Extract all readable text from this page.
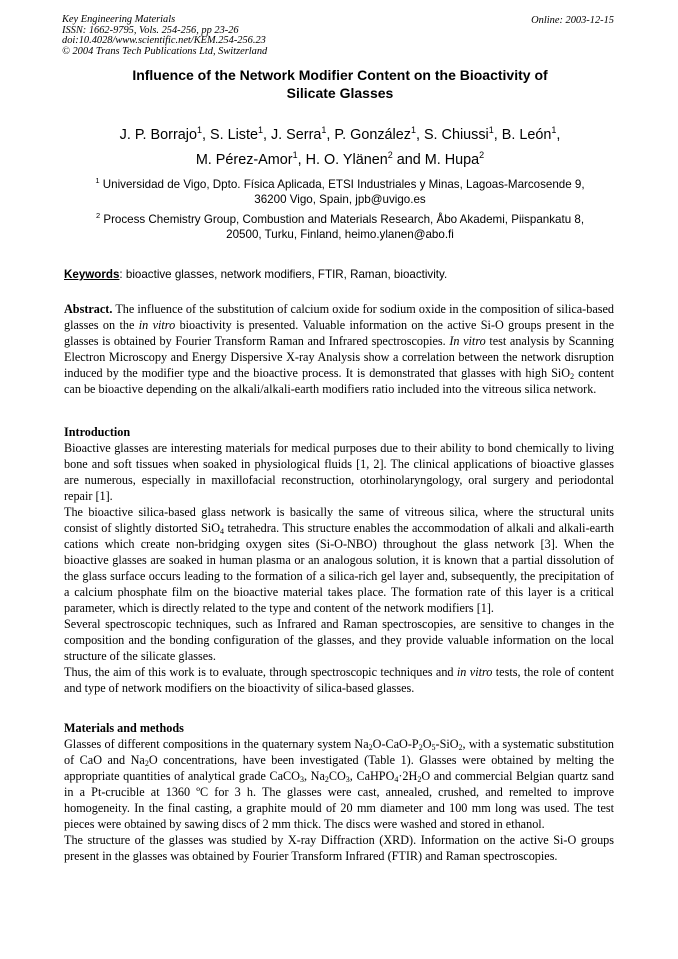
Key Engineering Materials
ISSN: 1662-9795, Vols. 254-256, pp 23-26
doi:10.4028/www.scientific.net/KEM.254-256.23
© 2004 Trans Tech Publications Ltd, Switzerland
Online: 2003-12-15
Influence of the Network Modifier Content on the Bioactivity of
Silicate Glasses
J. P. Borrajo$^1$, S. Liste$^1$, J. Serra$^1$, P. González$^1$, S. Chiussi$^1$, B. León$^1$,
M. Pérez-Amor$^1$, H. O. Ylänen$^2$ and M. Hupa$^2$
$^1$ Universidad de Vigo, Dpto. Física Aplicada, ETSI Industriales y Minas, Lagoas-Marcosende 9,
36200 Vigo, Spain, jpb@uvigo.es
$^2$ Process Chemistry Group, Combustion and Materials Research, Åbo Akademi, Piispankatu 8,
20500, Turku, Finland, heimo.ylanen@abo.fi
Keywords: bioactive glasses, network modifiers, FTIR, Raman, bioactivity.

Abstract. The influence of the substitution of calcium oxide for sodium oxide in the composition of silica-based glasses on the in vitro bioactivity is presented. Valuable information on the active Si-O groups present in the glasses is obtained by Fourier Transform Raman and Infrared spectroscopies. In vitro test analysis by Scanning Electron Microscopy and Energy Dispersive X-ray Analysis show a correlation between the network disruption induced by the modifier type and the bioactive process. It is demonstrated that glasses with high SiO$_2$ content can be bioactive depending on the alkali/alkali-earth modifiers ratio included into the vitreous silica network.

Introduction

Bioactive glasses are interesting materials for medical purposes due to their ability to bond chemically to living bone and soft tissues when soaked in physiological fluids [1, 2]. The clinical applications of bioactive glasses are numerous, especially in maxillofacial reconstruction, otorhinolaryngology, oral surgery and periodontal repair [1].

The bioactive silica-based glass network is basically the same of vitreous silica, where the structural units consist of slightly distorted SiO$_4$ tetrahedra. This structure enables the accommodation of alkali and alkali-earth cations which create non-bridging oxygen sites (Si-O-NBO) throughout the glass network [3]. When the bioactive glasses are soaked in human plasma or an analogous solution, it is known that a partial dissolution of the glass surface occurs leading to the formation of a silica-rich gel layer and, subsequently, the precipitation of a calcium phosphate film on the bioactive material takes place. The formation rate of this layer is a critical parameter, which is directly related to the type and content of the network modifiers [1].

Several spectroscopic techniques, such as Infrared and Raman spectroscopies, are sensitive to changes in the composition and the bonding configuration of the glasses, and they provide valuable information on the local structure of the silicate glasses.

Thus, the aim of this work is to evaluate, through spectroscopic techniques and in vitro tests, the role of content and type of network modifiers on the bioactivity of silica-based glasses.

Materials and methods

Glasses of different compositions in the quaternary system $Na_2O-CaO-P_2O_5-SiO_2$, with a systematic substitution of CaO and $Na_2O$ concentrations, have been investigated (Table 1). Glasses were obtained by melting the appropriate quantities of analytical grade CaCO$_3$, $Na_2CO_3$, $CaHPO_4\cdot 2H_2O$ and commercial Belgian quartz sand in a Pt-crucible at 1360 ºC for 3 h. The glasses were cast, annealed, crushed, and remelted to improve homogeneity. In the final casting, a graphite mould of 20 mm diameter and 100 mm long was used. The test pieces were obtained by sawing discs of 2 mm thick. The discs were washed and stored in ethanol.

The structure of the glasses was studied by X-ray Diffraction (XRD). Information on the active Si-O groups present in the glasses was obtained by Fourier Transform Infrared (FTIR) and Raman spectroscopies.
